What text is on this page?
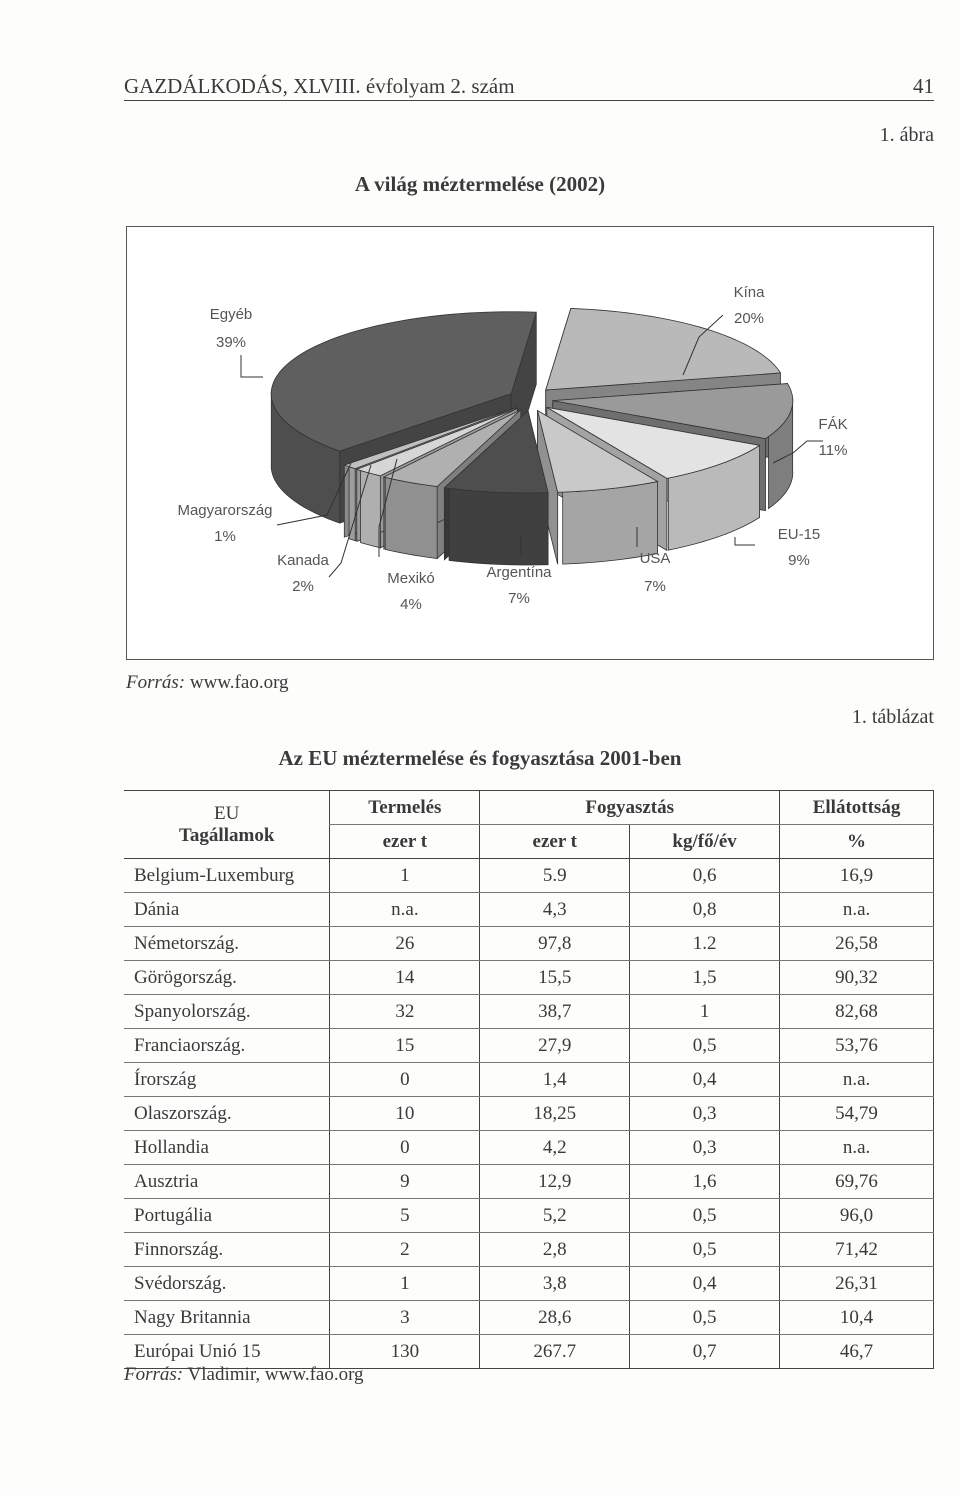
GAZDÁLKODÁS, XLVIII. évfolyam 2. szám	41
1. ábra
A világ méztermelése (2002)
Kína
20%
FÁK
11%
EU-15
9%
USA
7%
Argentína
7%
Mexikó
4%
Kanada
2%
Magyarország
1%
Egyéb
39%
Forrás: www.fao.org
1. táblázat
Az EU méztermelése és fogyasztása 2001-ben
EU
Tagállamok	Termelés	Fogyasztás		Ellátottság
	ezer t	ezer t	kg/fő/év	%
Belgium-Luxemburg	1	5.9	0,6	16,9
Dánia	n.a.	4,3	0,8	n.a.
Németország.	26	97,8	1.2	26,58
Görögország.	14	15,5	1,5	90,32
Spanyolország.	32	38,7	1	82,68
Franciaország.	15	27,9	0,5	53,76
Írország	0	1,4	0,4	n.a.
Olaszország.	10	18,25	0,3	54,79
Hollandia	0	4,2	0,3	n.a.
Ausztria	9	12,9	1,6	69,76
Portugália	5	5,2	0,5	96,0
Finnország.	2	2,8	0,5	71,42
Svédország.	1	3,8	0,4	26,31
Nagy Britannia	3	28,6	0,5	10,4
Európai Unió 15	130	267.7	0,7	46,7
Forrás: Vladimir, www.fao.org
